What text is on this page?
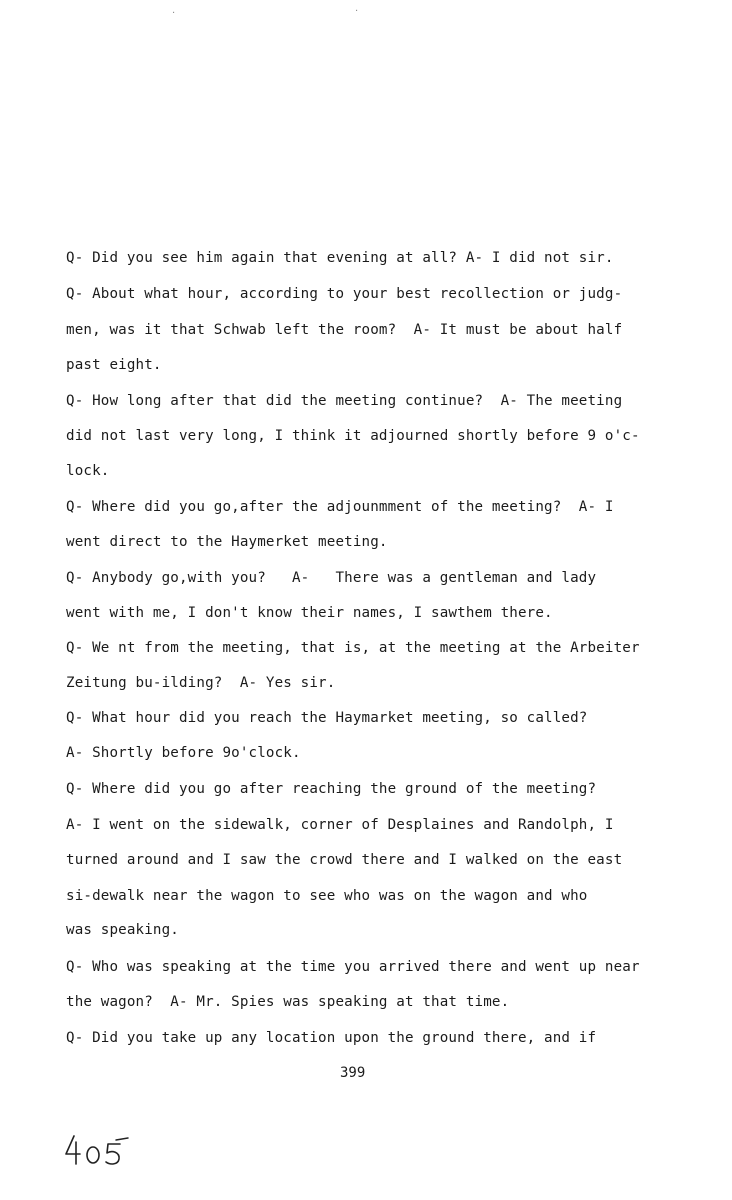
·	·
Q- Did you see him again that evening at all? A- I did not sir.
Q- About what hour, according to your best recollection or judg-
men, was it that Schwab left the room?  A- It must be about half
past eight.
Q- How long after that did the meeting continue?  A- The meeting
did not last very long, I think it adjourned shortly before 9 o'c-
lock.
Q- Where did you go,after the adjounmment of the meeting?  A- I
went direct to the Haymerket meeting.
Q- Anybody go,with you?   A-   There was a gentleman and lady
went with me, I don't know their names, I sawthem there.
Q- We nt from the meeting, that is, at the meeting at the Arbeiter
Zeitung bu-ilding?  A- Yes sir.
Q- What hour did you reach the Haymarket meeting, so called?
A- Shortly before 9o'clock.
Q- Where did you go after reaching the ground of the meeting?
A- I went on the sidewalk, corner of Desplaines and Randolph, I
turned around and I saw the crowd there and I walked on the east
si-dewalk near the wagon to see who was on the wagon and who
was speaking.
Q- Who was speaking at the time you arrived there and went up near
the wagon?  A- Mr. Spies was speaking at that time.
Q- Did you take up any location upon the ground there, and if
399
